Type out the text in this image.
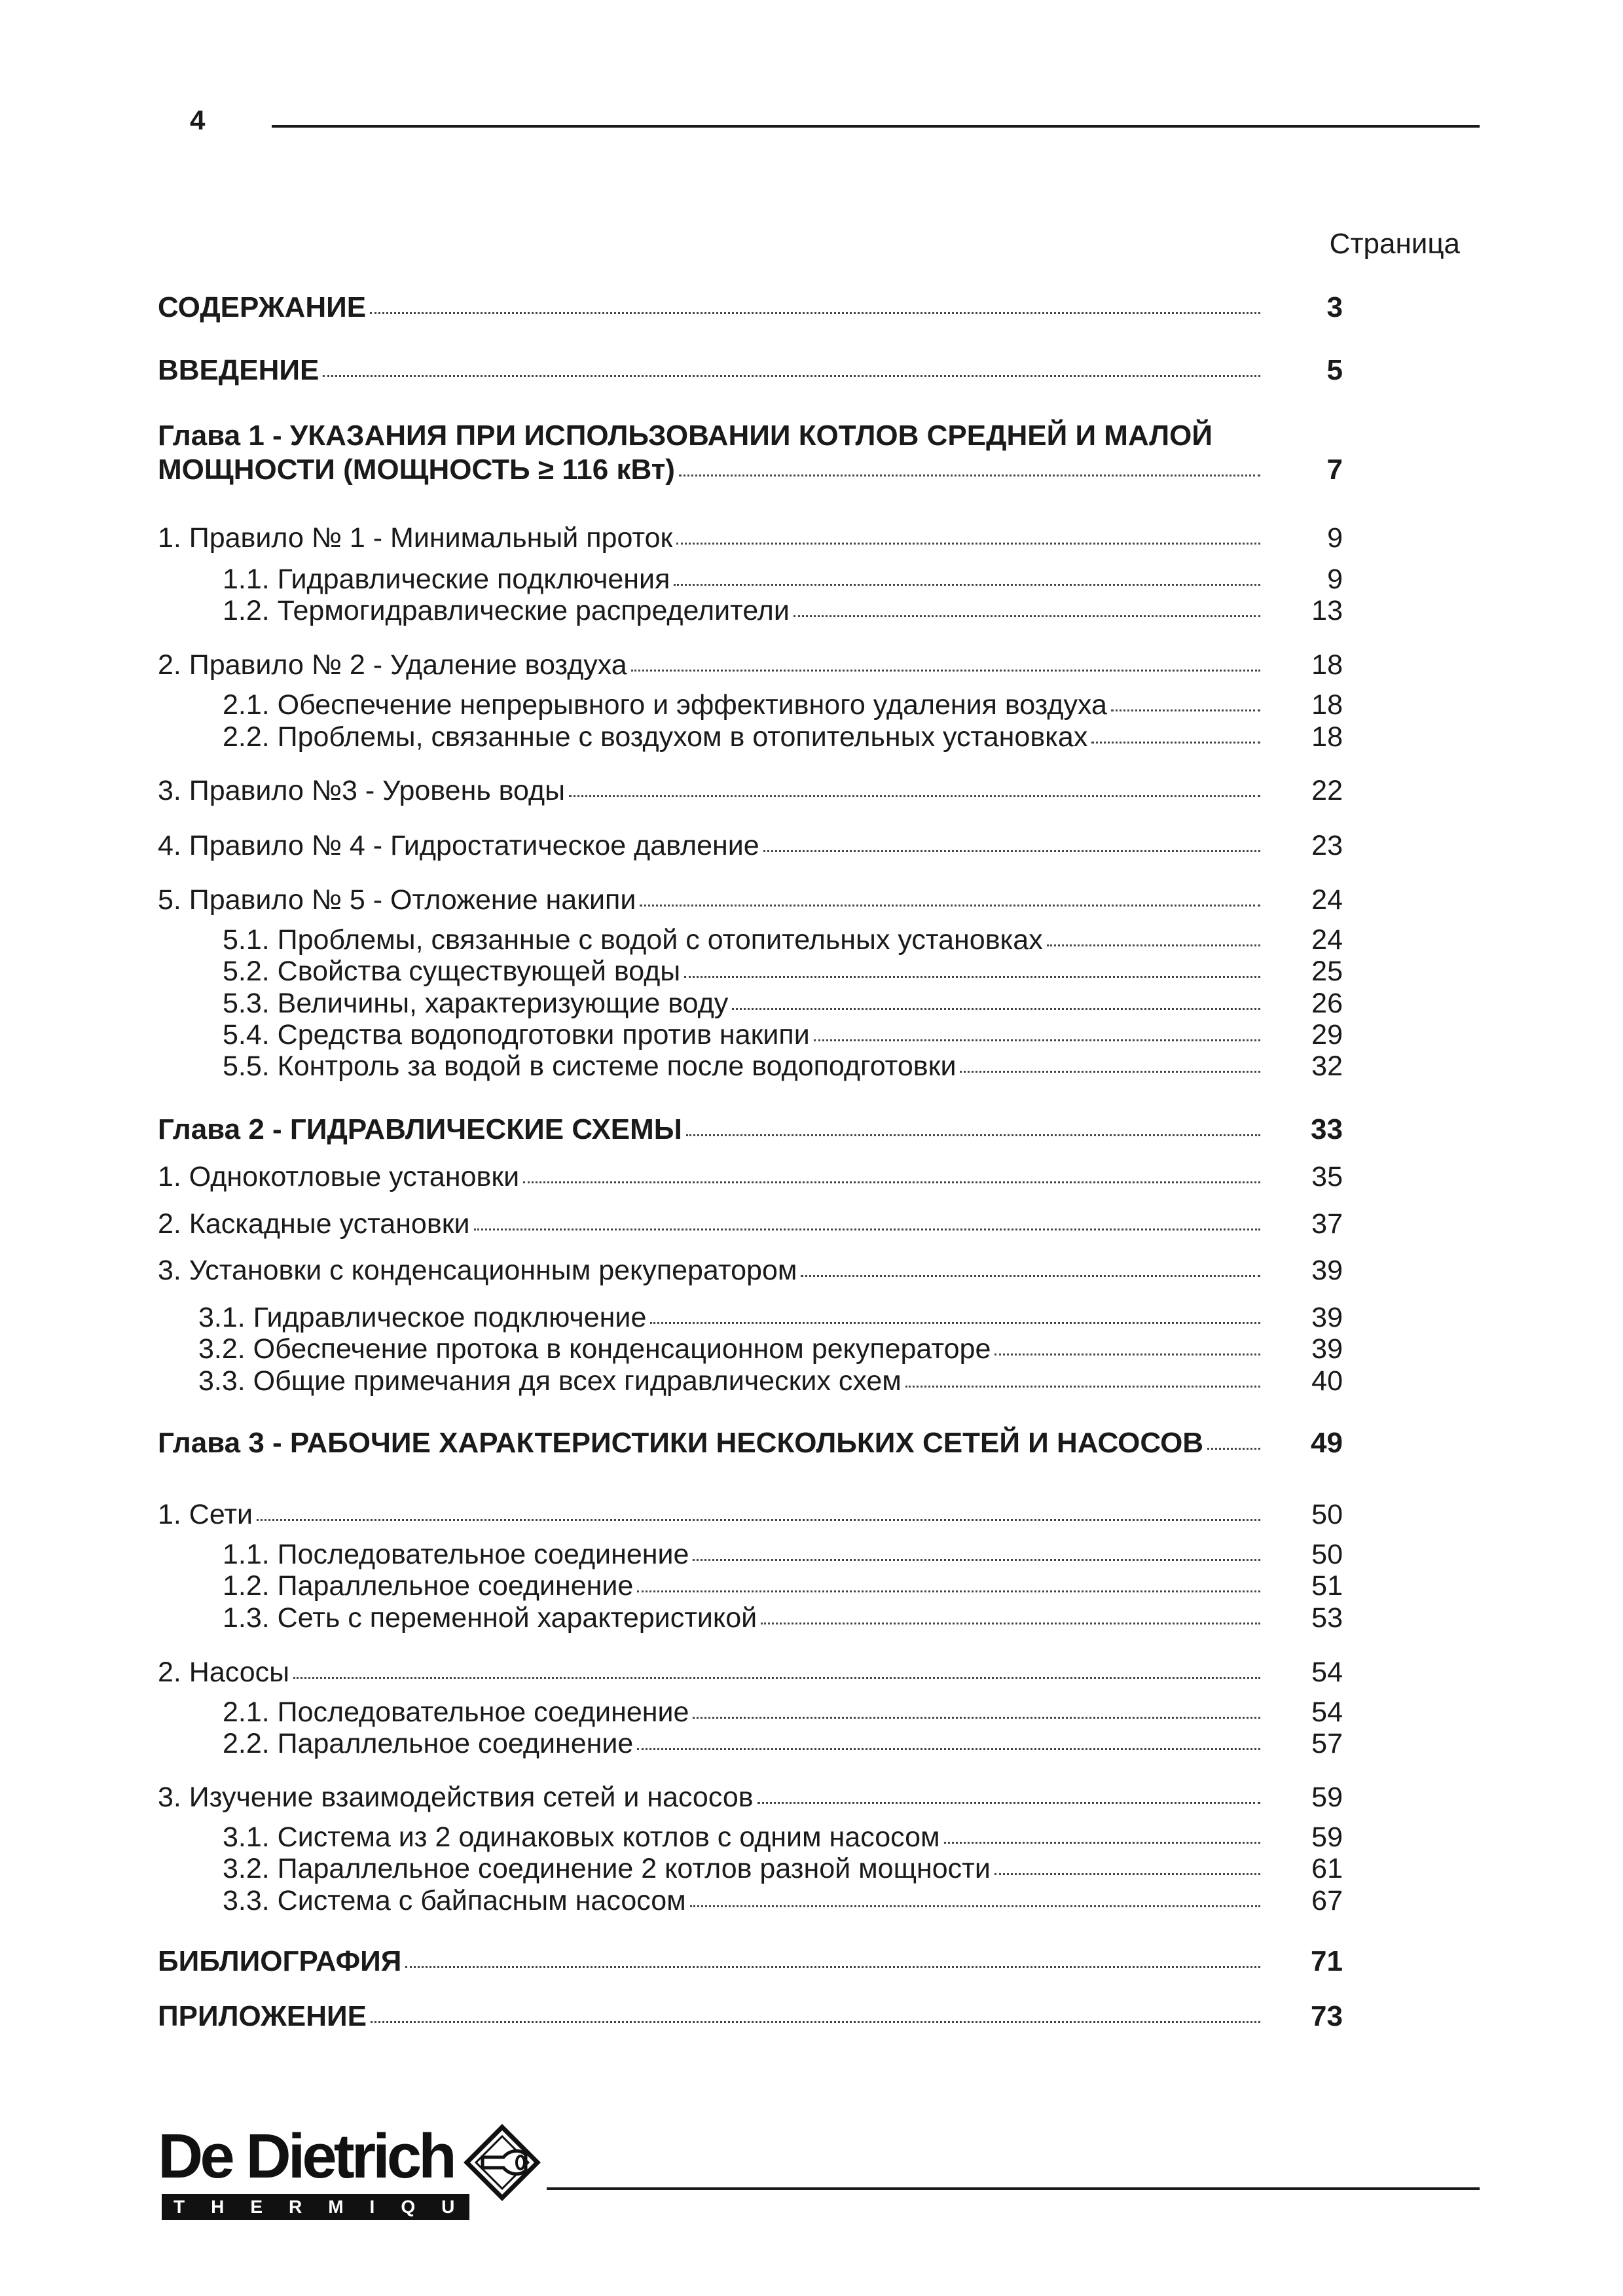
4
Страница
СОДЕРЖАНИЕ	3
ВВЕДЕНИЕ	5
Глава 1 - УКАЗАНИЯ ПРИ ИСПОЛЬЗОВАНИИ КОТЛОВ СРЕДНЕЙ И МАЛОЙ
МОЩНОСТИ (МОЩНОСТЬ ≥ 116 кВт)	7
1. Правило № 1 - Минимальный проток	9
1.1. Гидравлические подключения	9
1.2. Термогидравлические распределители	13
2. Правило № 2 - Удаление воздуха	18
2.1. Обеспечение непрерывного и эффективного удаления воздуха	18
2.2. Проблемы, связанные с воздухом в отопительных установках	18
3. Правило №3 - Уровень воды	22
4. Правило № 4 - Гидростатическое давление	23
5. Правило № 5 - Отложение накипи	24
5.1. Проблемы, связанные с водой с отопительных установках	24
5.2. Свойства существующей воды	25
5.3. Величины, характеризующие воду	26
5.4. Средства водоподготовки против накипи	29
5.5. Контроль за водой в системе после водоподготовки	32
Глава 2 - ГИДРАВЛИЧЕСКИЕ СХЕМЫ	33
1. Однокотловые установки	35
2. Каскадные установки	37
3. Установки с конденсационным рекуператором	39
3.1. Гидравлическое подключение	39
3.2. Обеспечение протока в конденсационном рекуператоре	39
3.3. Общие примечания дя всех гидравлических схем	40
Глава 3 - РАБОЧИЕ ХАРАКТЕРИСТИКИ НЕСКОЛЬКИХ СЕТЕЙ И НАСОСОВ	49
1. Сети	50
1.1. Последовательное соединение	50
1.2. Параллельное соединение	51
1.3. Сеть с переменной характеристикой	53
2. Насосы	54
2.1. Последовательное соединение	54
2.2. Параллельное соединение	57
3. Изучение взаимодействия сетей и насосов	59
3.1. Система из 2 одинаковых котлов с одним насосом	59
3.2. Параллельное соединение 2 котлов разной мощности	61
3.3. Система с байпасным насосом	67
БИБЛИОГРАФИЯ	71
ПРИЛОЖЕНИЕ	73
De Dietrich
THERMIQUE
